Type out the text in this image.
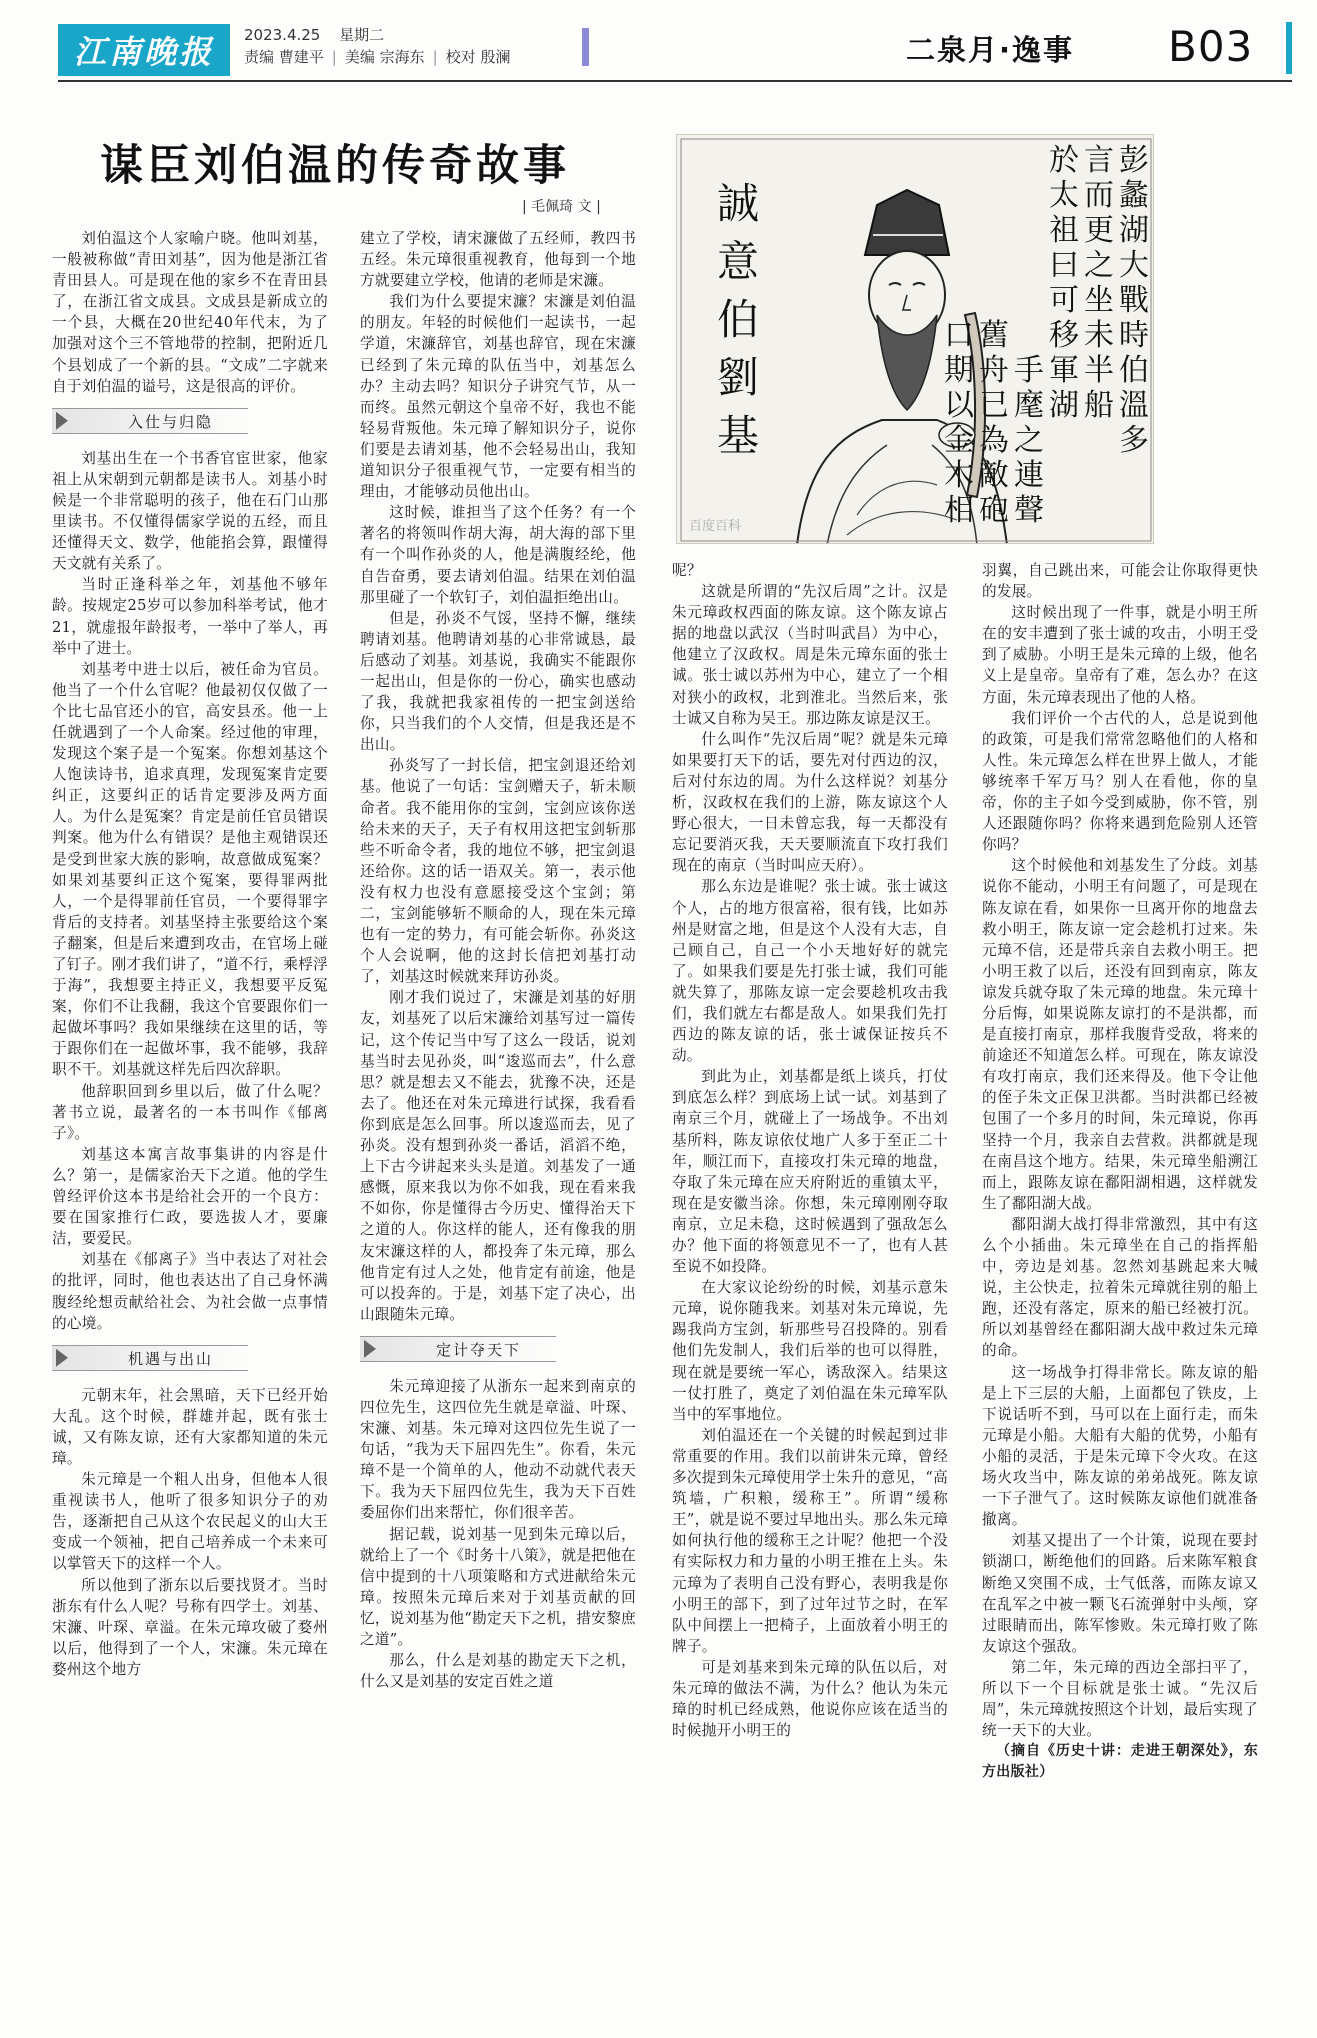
江南晚报	2023.4.25 星期二
责编 曹建平 | 美编 宗海东 | 校对 殷澜	二泉月·逸事 B03
谋臣刘伯温的传奇故事
| 毛佩琦 文 |	誠意伯劉基
彭蠡湖大戰時伯溫多
言而更之坐未半船
於太祖曰可移軍湖
百度百科
手麾之連聲
舊舟已為敵砲
口期以金木相

刘伯温这个人家喻户晓。他叫刘基，一般被称做“青田刘基”，因为他是浙江省青田县人。可是现在他的家乡不在青田县了，在浙江省文成县。文成县是新成立的一个县，大概在20世纪40年代末，为了加强对这个三不管地带的控制，把附近几个县划成了一个新的县。“文成”二字就来自于刘伯温的谥号，这是很高的评价。

入仕与归隐

刘基出生在一个书香官宦世家，他家祖上从宋朝到元朝都是读书人。刘基小时候是一个非常聪明的孩子，他在石门山那里读书。不仅懂得儒家学说的五经，而且还懂得天文、数学，他能掐会算，跟懂得天文就有关系了。

当时正逢科举之年，刘基他不够年龄。按规定25岁可以参加科举考试，他才21，就虚报年龄报考，一举中了举人，再举中了进士。

刘基考中进士以后，被任命为官员。他当了一个什么官呢？他最初仅仅做了一个比七品官还小的官，高安县丞。他一上任就遇到了一个人命案。经过他的审理，发现这个案子是一个冤案。你想刘基这个人饱读诗书，追求真理，发现冤案肯定要纠正，这要纠正的话肯定要涉及两方面人。为什么是冤案？肯定是前任官员错误判案。他为什么有错误？是他主观错误还是受到世家大族的影响，故意做成冤案？如果刘基要纠正这个冤案，要得罪两批人，一个是得罪前任官员，一个要得罪字背后的支持者。刘基坚持主张要给这个案子翻案，但是后来遭到攻击，在官场上碰了钉子。刚才我们讲了，“道不行，乘桴浮于海”，我想要主持正义，我想要平反冤案，你们不让我翻，我这个官要跟你们一起做坏事吗？我如果继续在这里的话，等于跟你们在一起做坏事，我不能够，我辞职不干。刘基就这样先后四次辞职。

他辞职回到乡里以后，做了什么呢？著书立说，最著名的一本书叫作《郁离子》。

刘基这本寓言故事集讲的内容是什么？第一，是儒家治天下之道。他的学生曾经评价这本书是给社会开的一个良方：要在国家推行仁政，要选拔人才，要廉洁，要爱民。

刘基在《郁离子》当中表达了对社会的批评，同时，他也表达出了自己身怀满腹经纶想贡献给社会、为社会做一点事情的心境。

机遇与出山

元朝末年，社会黑暗，天下已经开始大乱。这个时候，群雄并起，既有张士诚，又有陈友谅，还有大家都知道的朱元璋。

朱元璋是一个粗人出身，但他本人很重视读书人，他听了很多知识分子的劝告，逐渐把自己从这个农民起义的山大王变成一个领袖，把自己培养成一个未来可以掌管天下的这样一个人。

所以他到了浙东以后要找贤才。当时浙东有什么人呢？号称有四学士。刘基、宋濂、叶琛、章溢。在朱元璋攻破了婺州以后，他得到了一个人，宋濂。朱元璋在婺州这个地方

建立了学校，请宋濂做了五经师，教四书五经。朱元璋很重视教育，他每到一个地方就要建立学校，他请的老师是宋濂。

我们为什么要提宋濂？宋濂是刘伯温的朋友。年轻的时候他们一起读书，一起学道，宋濂辞官，刘基也辞官，现在宋濂已经到了朱元璋的队伍当中，刘基怎么办？主动去吗？知识分子讲究气节，从一而终。虽然元朝这个皇帝不好，我也不能轻易背叛他。朱元璋了解知识分子，说你们要是去请刘基，他不会轻易出山，我知道知识分子很重视气节，一定要有相当的理由，才能够动员他出山。

这时候，谁担当了这个任务？有一个著名的将领叫作胡大海，胡大海的部下里有一个叫作孙炎的人，他是满腹经纶，他自告奋勇，要去请刘伯温。结果在刘伯温那里碰了一个软钉子，刘伯温拒绝出山。

但是，孙炎不气馁，坚持不懈，继续聘请刘基。他聘请刘基的心非常诚恳，最后感动了刘基。刘基说，我确实不能跟你一起出山，但是你的一份心，确实也感动了我，我就把我家祖传的一把宝剑送给你，只当我们的个人交情，但是我还是不出山。

孙炎写了一封长信，把宝剑退还给刘基。他说了一句话：宝剑赠天子，斩未顺命者。我不能用你的宝剑，宝剑应该你送给未来的天子，天子有权用这把宝剑斩那些不听命令者，我的地位不够，把宝剑退还给你。这的话一语双关。第一，表示他没有权力也没有意愿接受这个宝剑；第二，宝剑能够斩不顺命的人，现在朱元璋也有一定的势力，有可能会斩你。孙炎这个人会说啊，他的这封长信把刘基打动了，刘基这时候就来拜访孙炎。

刚才我们说过了，宋濂是刘基的好朋友，刘基死了以后宋濂给刘基写过一篇传记，这个传记当中写了这么一段话，说刘基当时去见孙炎，叫“逡巡而去”，什么意思？就是想去又不能去，犹豫不决，还是去了。他还在对朱元璋进行试探，我看看你到底是怎么回事。所以逡巡而去，见了孙炎。没有想到孙炎一番话，滔滔不绝，上下古今讲起来头头是道。刘基发了一通感慨，原来我以为你不如我，现在看来我不如你，你是懂得古今历史、懂得治天下之道的人。你这样的能人，还有像我的朋友宋濂这样的人，都投奔了朱元璋，那么他肯定有过人之处，他肯定有前途，他是可以投奔的。于是，刘基下定了决心，出山跟随朱元璋。

定计夺天下

朱元璋迎接了从浙东一起来到南京的四位先生，这四位先生就是章溢、叶琛、宋濂、刘基。朱元璋对这四位先生说了一句话，“我为天下屈四先生”。你看，朱元璋不是一个简单的人，他动不动就代表天下。我为天下屈四位先生，我为天下百姓委屈你们出来帮忙，你们很辛苦。

据记载，说刘基一见到朱元璋以后，就给上了一个《时务十八策》，就是把他在信中提到的十八项策略和方式进献给朱元璋。按照朱元璋后来对于刘基贡献的回忆，说刘基为他“勘定天下之机，措安黎庶之道”。

那么，什么是刘基的勘定天下之机，什么又是刘基的安定百姓之道

呢？

这就是所谓的“先汉后周”之计。汉是朱元璋政权西面的陈友谅。这个陈友谅占据的地盘以武汉（当时叫武昌）为中心，他建立了汉政权。周是朱元璋东面的张士诚。张士诚以苏州为中心，建立了一个相对狭小的政权，北到淮北。当然后来，张士诚又自称为吴王。那边陈友谅是汉王。

什么叫作“先汉后周”呢？就是朱元璋如果要打天下的话，要先对付西边的汉，后对付东边的周。为什么这样说？刘基分析，汉政权在我们的上游，陈友谅这个人野心很大，一日未曾忘我，每一天都没有忘记要消灭我，天天要顺流直下攻打我们现在的南京（当时叫应天府）。

那么东边是谁呢？张士诚。张士诚这个人，占的地方很富裕，很有钱，比如苏州是财富之地，但是这个人没有大志，自己顾自己，自己一个小天地好好的就完了。如果我们要是先打张士诚，我们可能就失算了，那陈友谅一定会要趁机攻击我们，我们就左右都是敌人。如果我们先打西边的陈友谅的话，张士诚保证按兵不动。

到此为止，刘基都是纸上谈兵，打仗到底怎么样？到底场上试一试。刘基到了南京三个月，就碰上了一场战争。不出刘基所料，陈友谅依仗地广人多于至正二十年，顺江而下，直接攻打朱元璋的地盘，夺取了朱元璋在应天府附近的重镇太平，现在是安徽当涂。你想，朱元璋刚刚夺取南京，立足未稳，这时候遇到了强敌怎么办？他下面的将领意见不一了，也有人甚至说不如投降。

在大家议论纷纷的时候，刘基示意朱元璋，说你随我来。刘基对朱元璋说，先踢我尚方宝剑，斩那些号召投降的。别看他们先发制人，我们后举的也可以得胜，现在就是要统一军心，诱敌深入。结果这一仗打胜了，奠定了刘伯温在朱元璋军队当中的军事地位。

刘伯温还在一个关键的时候起到过非常重要的作用。我们以前讲朱元璋，曾经多次提到朱元璋使用学士朱升的意见，“高筑墙，广积粮，缓称王”。所谓“缓称王”，就是说不要过早地出头。那么朱元璋如何执行他的缓称王之计呢？他把一个没有实际权力和力量的小明王推在上头。朱元璋为了表明自己没有野心，表明我是你小明王的部下，到了过年过节之时，在军队中间摆上一把椅子，上面放着小明王的牌子。

可是刘基来到朱元璋的队伍以后，对朱元璋的做法不满，为什么？他认为朱元璋的时机已经成熟，他说你应该在适当的时候抛开小明王的

羽翼，自己跳出来，可能会让你取得更快的发展。

这时候出现了一件事，就是小明王所在的安丰遭到了张士诚的攻击，小明王受到了威胁。小明王是朱元璋的上级，他名义上是皇帝。皇帝有了难，怎么办？在这方面，朱元璋表现出了他的人格。

我们评价一个古代的人，总是说到他的政策，可是我们常常忽略他们的人格和人性。朱元璋怎么样在世界上做人，才能够统率千军万马？别人在看他，你的皇帝，你的主子如今受到威胁，你不管，别人还跟随你吗？你将来遇到危险别人还管你吗？

这个时候他和刘基发生了分歧。刘基说你不能动，小明王有问题了，可是现在陈友谅在看，如果你一旦离开你的地盘去救小明王，陈友谅一定会趁机打过来。朱元璋不信，还是带兵亲自去救小明王。把小明王救了以后，还没有回到南京，陈友谅发兵就夺取了朱元璋的地盘。朱元璋十分后悔，如果说陈友谅打的不是洪都，而是直接打南京，那样我腹背受敌，将来的前途还不知道怎么样。可现在，陈友谅没有攻打南京，我们还来得及。他下令让他的侄子朱文正保卫洪都。当时洪都已经被包围了一个多月的时间，朱元璋说，你再坚持一个月，我亲自去营救。洪都就是现在南昌这个地方。结果，朱元璋坐船溯江而上，跟陈友谅在鄱阳湖相遇，这样就发生了鄱阳湖大战。

鄱阳湖大战打得非常激烈，其中有这么个小插曲。朱元璋坐在自己的指挥船中，旁边是刘基。忽然刘基跳起来大喊说，主公快走，拉着朱元璋就往别的船上跑，还没有落定，原来的船已经被打沉。所以刘基曾经在鄱阳湖大战中救过朱元璋的命。

这一场战争打得非常长。陈友谅的船是上下三层的大船，上面都包了铁皮，上下说话听不到，马可以在上面行走，而朱元璋是小船。大船有大船的优势，小船有小船的灵活，于是朱元璋下令火攻。在这场火攻当中，陈友谅的弟弟战死。陈友谅一下子泄气了。这时候陈友谅他们就准备撤离。

刘基又提出了一个计策，说现在要封锁湖口，断绝他们的回路。后来陈军粮食断绝又突围不成，士气低落，而陈友谅又在乱军之中被一颗飞石流弹射中头颅，穿过眼睛而出，陈军惨败。朱元璋打败了陈友谅这个强敌。

第二年，朱元璋的西边全部扫平了，所以下一个目标就是张士诚。“先汉后周”，朱元璋就按照这个计划，最后实现了统一天下的大业。

（摘自《历史十讲：走进王朝深处》，东方出版社）
